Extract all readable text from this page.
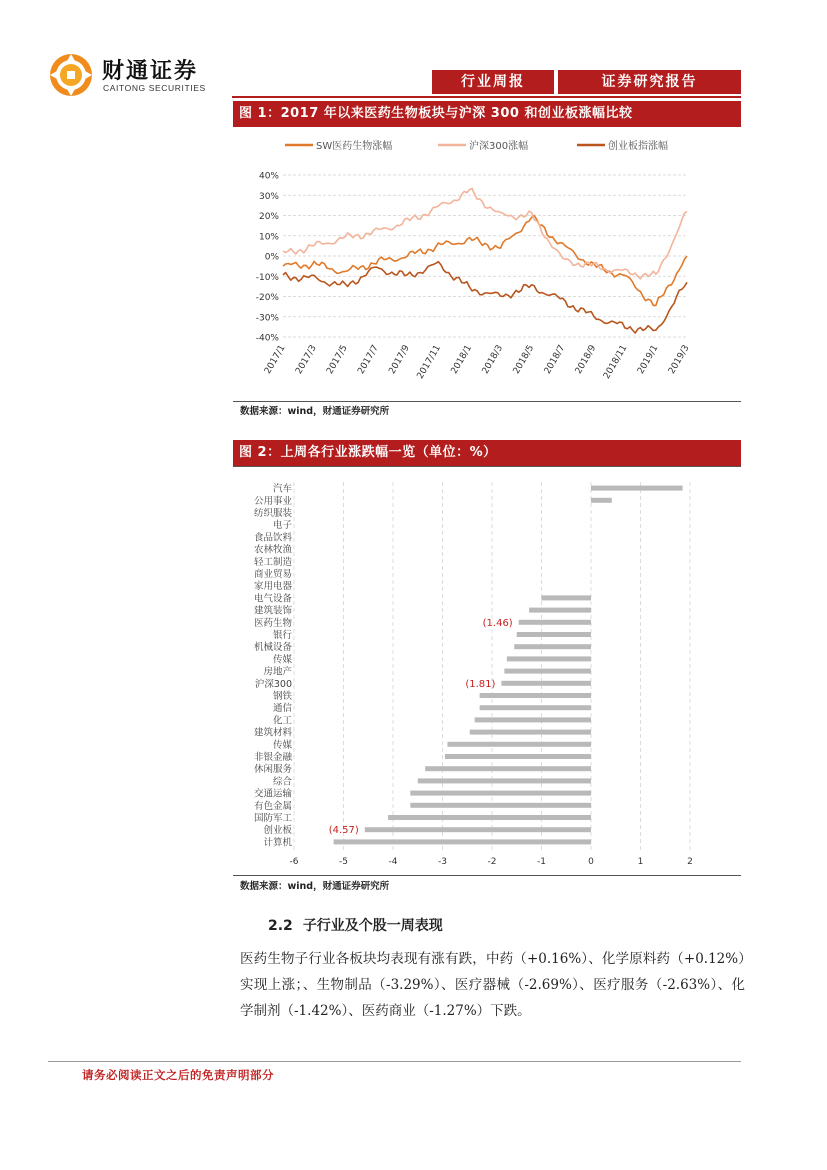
财通证券
CAITONG SECURITIES	行业周报	证券研究报告
图 1：2017 年以来医药生物板块与沪深 300 和创业板涨幅比较
SW医药生物涨幅	沪深300涨幅	创业板指涨幅
40%
30%
20%
10%
0%
-10%
-20%
-30%
-40%
2017/1 2017/3 2017/5 2017/7 2017/9 2017/11 2018/1 2018/3 2018/5 2018/7 2018/9 2018/11 2019/1 2019/3
数据来源：wind，财通证券研究所
图 2：上周各行业涨跌幅一览（单位：%）
-6	-5	-4	-3	-2	-1	0	1	2
汽车
公用事业
纺织服装
电子
食品饮料
农林牧渔
轻工制造
商业贸易
家用电器
电气设备
建筑装饰
医药生物
银行
机械设备
传媒
房地产
沪深300
钢铁
通信
化工
建筑材料
传媒
非银金融
休闲服务
综合
交通运输
有色金属
国防军工
创业板
计算机
(1.46)
(1.81)
(4.57)
数据来源：wind，财通证券研究所
2.2 子行业及个股一周表现
医药生物子行业各板块均表现有涨有跌，中药（+0.16%）、化学原料药（+0.12%）实现上涨；、生物制品（-3.29%）、医疗器械（-2.69%）、医疗服务（-2.63%）、化学制剂（-1.42%）、医药商业（-1.27%）下跌。
请务必阅读正文之后的免责声明部分
